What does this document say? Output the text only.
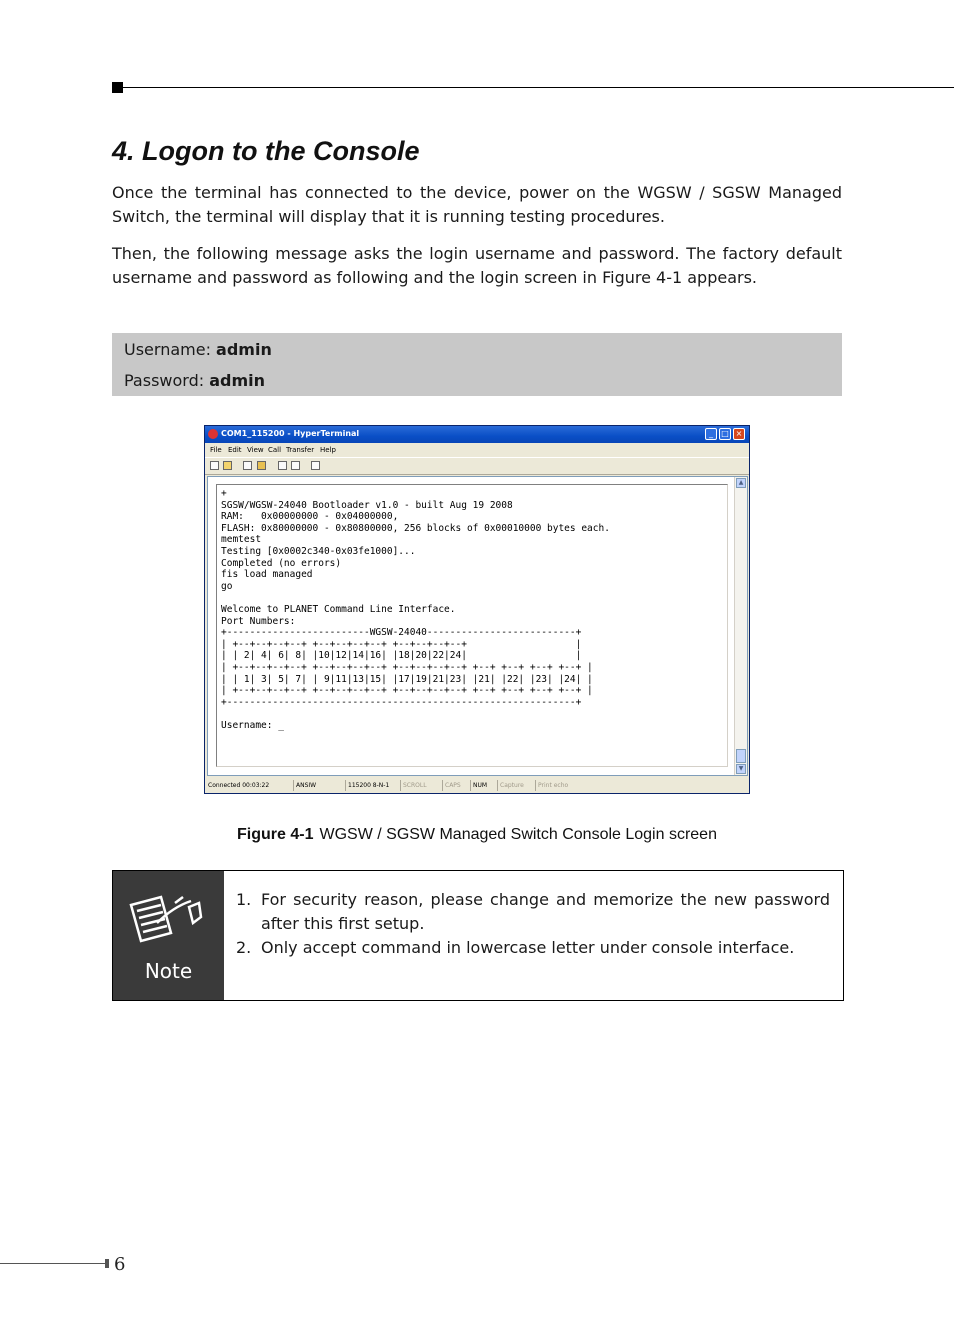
4. Logon to the Console

Once the terminal has connected to the device, power on the WGSW / SGSW Managed Switch, the terminal will display that it is running testing procedures.

Then, the following message asks the login username and password. The factory default username and password as following and the login screen in Figure 4-1 appears.

Username: admin
Password: admin
COM1_115200 - HyperTerminal	_	□ ×
File Edit View Call Transfer Help
+
SGSW/WGSW-24040 Bootloader v1.0 - built Aug 19 2008
RAM:   0x00000000 - 0x04000000,
FLASH: 0x80000000 - 0x80800000, 256 blocks of 0x00010000 bytes each.
memtest
Testing [0x0002c340-0x03fe1000]...
Completed (no errors)
fis load managed
go

Welcome to PLANET Command Line Interface.
Port Numbers:
+-------------------------WGSW-24040--------------------------+
| +--+--+--+--+ +--+--+--+--+ +--+--+--+--+                   |
| | 2| 4| 6| 8| |10|12|14|16| |18|20|22|24|                   |
| +--+--+--+--+ +--+--+--+--+ +--+--+--+--+ +--+ +--+ +--+ +--+ |
| | 1| 3| 5| 7| | 9|11|13|15| |17|19|21|23| |21| |22| |23| |24| |
| +--+--+--+--+ +--+--+--+--+ +--+--+--+--+ +--+ +--+ +--+ +--+ |
+-------------------------------------------------------------+

Username: _
▲
▼
Connected 00:03:22	ANSIW	115200 8-N-1	SCROLL	CAPS	NUM	Capture	Print echo
Figure 4-1 WGSW / SGSW Managed Switch Console Login screen
Note
1. For security reason, please change and memorize the new password after this first setup.
2. Only accept command in lowercase letter under console interface.
6
